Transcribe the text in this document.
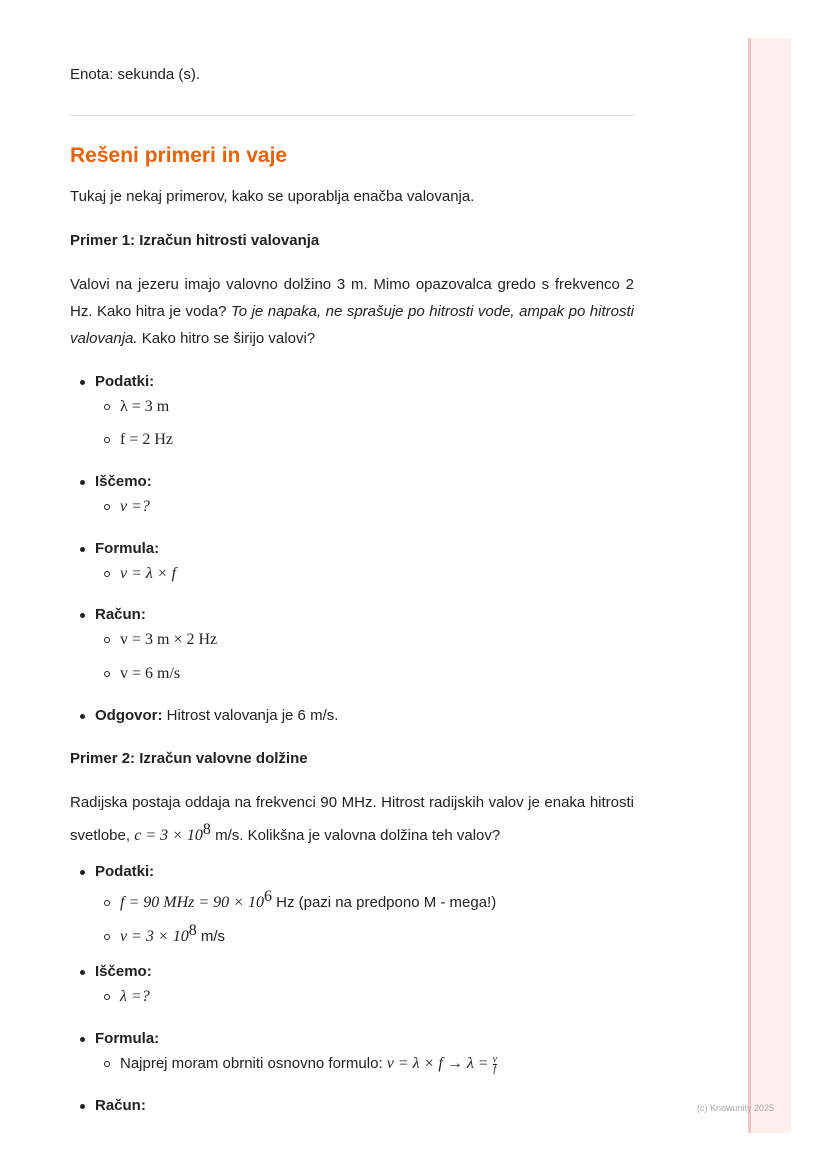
Enota: sekunda (s).
Rešeni primeri in vaje
Tukaj je nekaj primerov, kako se uporablja enačba valovanja.
Primer 1: Izračun hitrosti valovanja
Valovi na jezeru imajo valovno dolžino 3 m. Mimo opazovalca gredo s frekvenco 2 Hz. Kako hitra je voda? To je napaka, ne sprašuje po hitrosti vode, ampak po hitrosti valovanja. Kako hitro se širijo valovi?
Podatki:
λ = 3 m
f = 2 Hz
Iščemo:
v =?
Formula:
v = λ × f
Račun:
v = 3 m × 2 Hz
v = 6 m/s
Odgovor: Hitrost valovanja je 6 m/s.
Primer 2: Izračun valovne dolžine
Radijska postaja oddaja na frekvenci 90 MHz. Hitrost radijskih valov je enaka hitrosti svetlobe, $c = 3 \times 10^8$ m/s. Kolikšna je valovna dolžina teh valov?
Podatki:
f = 90 MHz = $90 \times 10^6$ Hz (pazi na predpono M - mega!)
$v = 3 \times 10^8$ m/s
Iščemo:
λ =?
Formula:
Najprej moram obrniti osnovno formulo: $v = \lambda \times f \to \lambda = \frac{v}{f}$
Račun:	(c) Knowunity 2025
